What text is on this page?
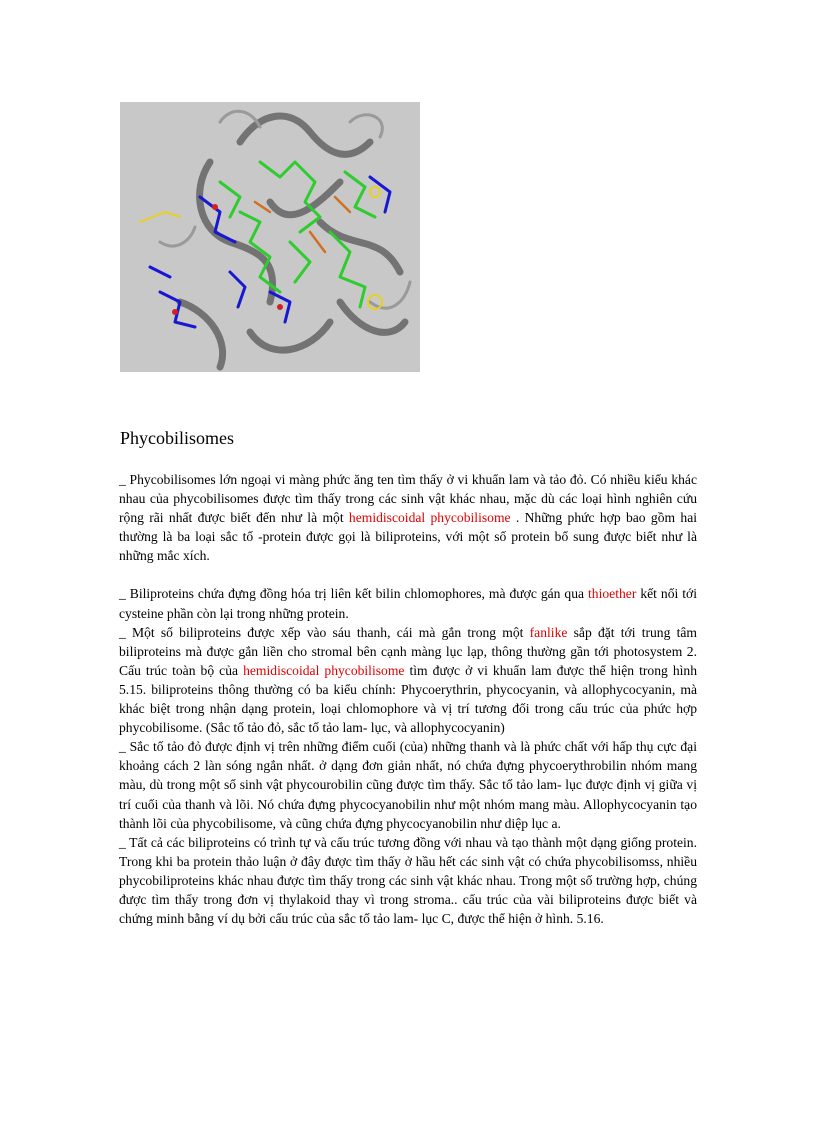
Phycobilisomes

_ Phycobilisomes lớn ngoại vi màng phức ăng ten tìm thấy ở vi khuẩn lam và tảo đỏ. Có nhiều kiểu khác nhau của phycobilisomes được tìm thấy trong các sinh vật khác nhau, mặc dù các loại hình nghiên cứu rộng rãi nhất được biết đến như là một hemidiscoidal phycobilisome . Những phức hợp bao gồm hai thường là ba loại sắc tố -protein được gọi là biliproteins, với một số protein bổ sung được biết như là những mắc xích.

_ Biliproteins chứa đựng đồng hóa trị liên kết bilin chlomophores, mà được gán qua thioether kết nối tới cysteine phần còn lại trong những protein.

_ Một số biliproteins được xếp vào sáu thanh, cái mà gắn trong một fanlike sắp đặt tới trung tâm biliproteins mà được gắn liền cho stromal bên cạnh màng lục lạp, thông thường gần tới photosystem 2. Cấu trúc toàn bộ của hemidiscoidal phycobilisome tìm được ở vi khuẩn lam được thể hiện trong hình 5.15. biliproteins thông thường có ba kiểu chính: Phycoerythrin, phycocyanin, và allophycocyanin, mà khác biệt trong nhận dạng protein, loại chlomophore và vị trí tương đối trong cấu trúc của phức hợp phycobilisome. (Sắc tố tảo đỏ, sắc tố tảo lam- lục, và allophycocyanin)

_ Sắc tố tảo đỏ được định vị trên những điểm cuối (của) những thanh và là phức chất với hấp thụ cực đại khoảng cách 2 làn sóng ngắn nhất. ở dạng đơn giản nhất, nó chứa đựng phycoerythrobilin nhóm mang màu, dù trong một số sinh vật phycourobilin cũng được tìm thấy. Sắc tố tảo lam- lục được định vị giữa vị trí cuối của thanh và lõi. Nó chứa đựng phycocyanobilin như một nhóm mang màu. Allophycocyanin tạo thành lõi của phycobilisome, và cũng chứa đựng phycocyanobilin như diệp lục a.

_ Tất cả các biliproteins có trình tự và cấu trúc tương đồng với nhau và tạo thành một dạng giống protein. Trong khi ba protein thảo luận ở đây được tìm thấy ở hầu hết các sinh vật có chứa phycobilisomss, nhiều phycobiliproteins khác nhau được tìm thấy trong các sinh vật khác nhau. Trong một số trường hợp, chúng được tìm thấy trong đơn vị thylakoid thay vì trong stroma.. cấu trúc của vài biliproteins được biết và chứng minh bằng ví dụ bởi cấu trúc của sắc tố tảo lam- lục C, được thể hiện ở hình. 5.16.
